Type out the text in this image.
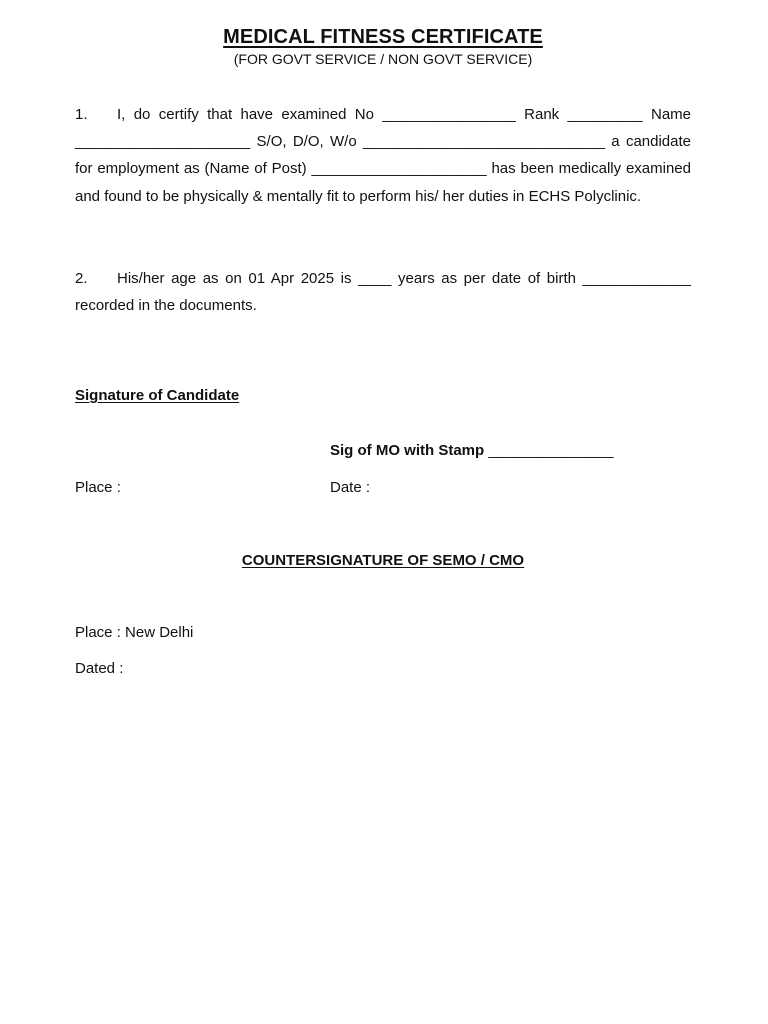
MEDICAL FITNESS CERTIFICATE
(FOR GOVT SERVICE / NON GOVT SERVICE)
1. I, do certify that have examined No ________________ Rank _________ Name _____________________ S/O, D/O, W/o _____________________________ a candidate for employment as (Name of Post) _____________________ has been medically examined and found to be physically & mentally fit to perform his/ her duties in ECHS Polyclinic.
2. His/her age as on 01 Apr 2025 is ____ years as per date of birth _____________ recorded in the documents.
Signature of Candidate
Sig of MO with Stamp _______________
Place :	Date :
COUNTERSIGNATURE OF SEMO / CMO
Place : New Delhi
Dated :
